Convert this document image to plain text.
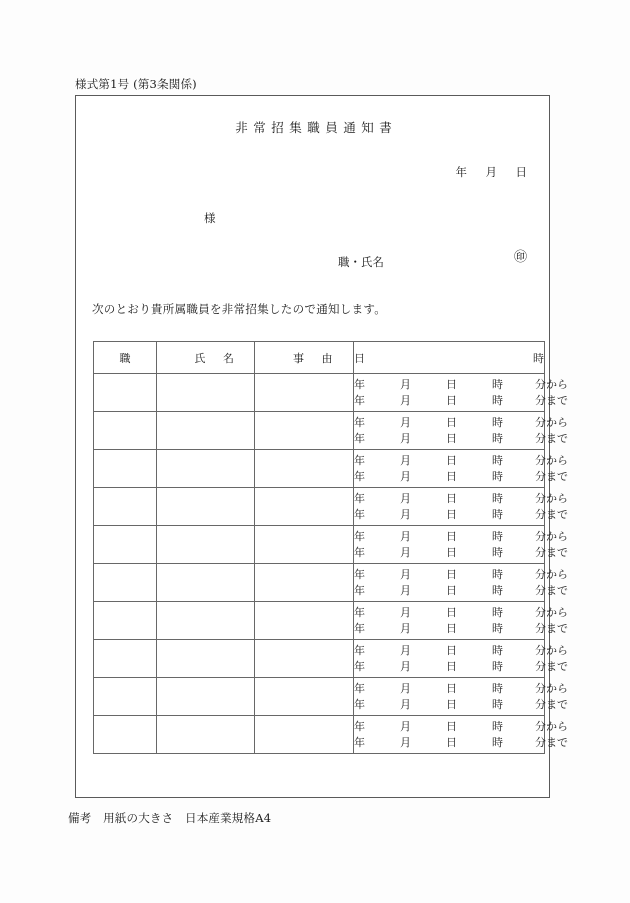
様式第1号 (第3条関係)
非常招集職員通知書
年 月 日
様
職・氏名	㊞
次のとおり貴所属職員を非常招集したので通知します。
職	氏 名	事 由	日 時

			年 月 日 時 分から
年 月 日 時 分まで

			年 月 日 時 分から
年 月 日 時 分まで

			年 月 日 時 分から
年 月 日 時 分まで

			年 月 日 時 分から
年 月 日 時 分まで

			年 月 日 時 分から
年 月 日 時 分まで

			年 月 日 時 分から
年 月 日 時 分まで

			年 月 日 時 分から
年 月 日 時 分まで

			年 月 日 時 分から
年 月 日 時 分まで

			年 月 日 時 分から
年 月 日 時 分まで

			年 月 日 時 分から
年 月 日 時 分まで
備考　用紙の大きさ　日本産業規格A4
